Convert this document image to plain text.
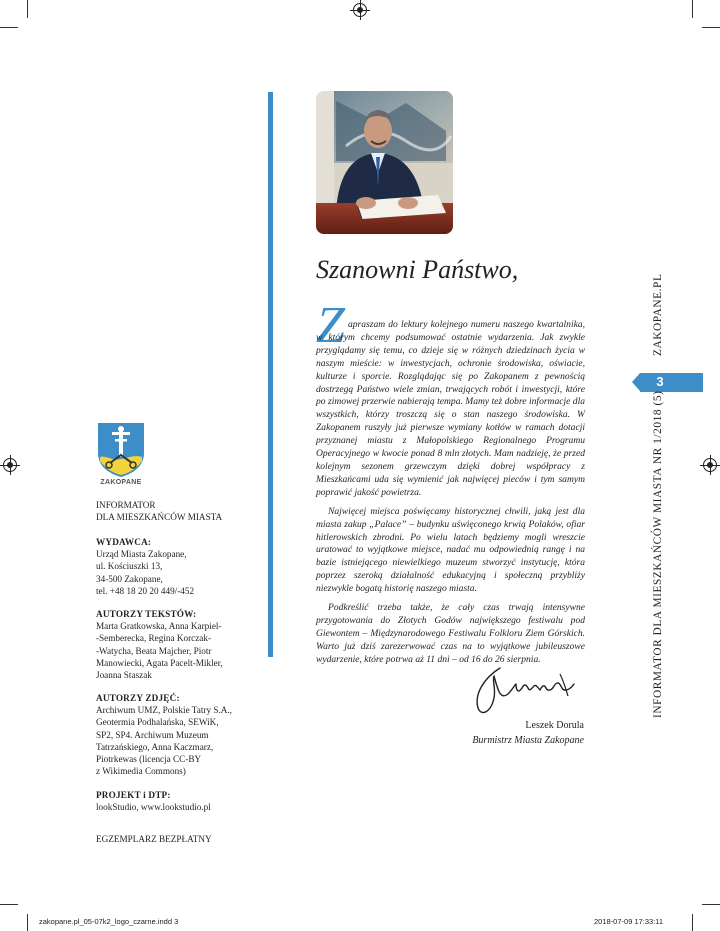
ZAKOPANE
INFORMATOR
DLA MIESZKAŃCÓW MIASTA
WYDAWCA:
Urząd Miasta Zakopane,
ul. Kościuszki 13,
34-500 Zakopane,
tel. +48 18 20 20 449/-452
AUTORZY TEKSTÓW:
Marta Gratkowska, Anna Karpiel-
-Semberecka, Regina Korczak-
-Watycha, Beata Majcher, Piotr
Manowiecki, Agata Pacelt-Mikler,
Joanna Staszak
AUTORZY ZDJĘĆ:
Archiwum UMZ, Polskie Tatry S.A.,
Geotermia Podhalańska, SEWiK,
SP2, SP4. Archiwum Muzeum
Tatrzańskiego, Anna Kaczmarz,
Piotrkewas (licencja CC-BY
z Wikimedia Commons)
PROJEKT i DTP:
lookStudio, www.lookstudio.pl
EGZEMPLARZ BEZPŁATNY
Szanowni Państwo,
Z apraszam do lektury kolejnego numeru naszego kwartalnika, w którym chcemy podsumować ostatnie wydarzenia. Jak zwykle przyglądamy się temu, co dzieje się w różnych dziedzinach życia w naszym mieście: w inwestycjach, ochronie środowiska, oświacie, kulturze i sporcie. Rozglądając się po Zakopanem z pewnością dostrzegą Państwo wiele zmian, trwających robót i inwestycji, które po zimowej przerwie nabierają tempa. Mamy też dobre informacje dla wszystkich, którzy troszczą się o stan naszego środowiska. W Zakopanem ruszyły już pierwsze wymiany kotłów w ramach dotacji przyznanej miastu z Małopolskiego Regionalnego Programu Operacyjnego w kwocie ponad 8 mln złotych. Mam nadzieję, że przed kolejnym sezonem grzewczym dzięki dobrej współpracy z Mieszkańcami uda się wymienić jak najwięcej pieców i tym samym poprawić jakość powietrza.

Najwięcej miejsca poświęcamy historycznej chwili, jaką jest dla miasta zakup „Palace” – budynku uświęconego krwią Polaków, ofiar hitlerowskich zbrodni. Po wielu latach będziemy mogli wreszcie uratować to wyjątkowe miejsce, nadać mu odpowiednią rangę i na bazie istniejącego niewielkiego muzeum stworzyć instytucję, która poprzez szeroką działalność edukacyjną i społeczną przybliży niezwykle bogatą historię naszego miasta.

Podkreślić trzeba także, że cały czas trwają intensywne przygotowania do Złotych Godów największego festiwalu pod Giewontem – Międzynarodowego Festiwalu Folkloru Ziem Górskich. Warto już dziś zarezerwować czas na to wyjątkowe jubileuszowe wydarzenie, które potrwa aż 11 dni – od 16 do 26 sierpnia.

Leszek Dorula
Burmistrz Miasta Zakopane
ZAKOPANE.PL
3
INFORMATOR DLA MIESZKAŃCÓW MIASTA NR 1/2018 (5)
zakopane.pl_05-07k2_logo_czarne.indd 3	2018-07-09 17:33:11
